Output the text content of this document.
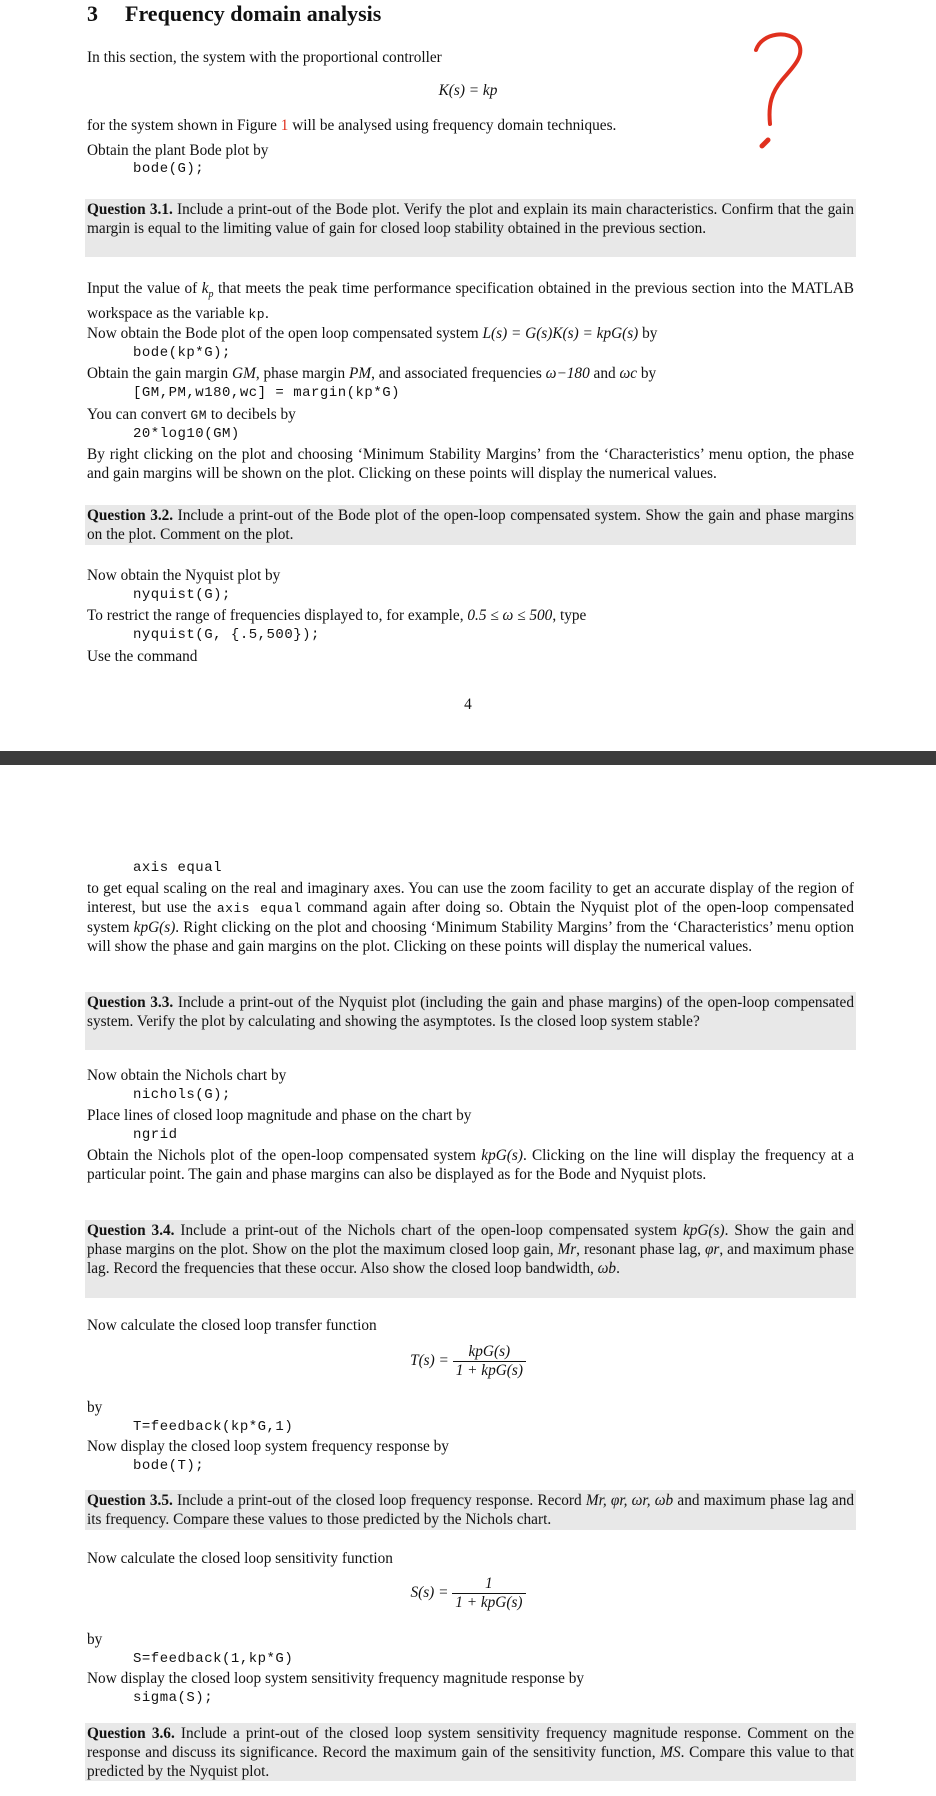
3 Frequency domain analysis
In this section, the system with the proportional controller
K(s) = kp
for the system shown in Figure 1 will be analysed using frequency domain techniques.
Obtain the plant Bode plot by
bode(G);
Question 3.1. Include a print-out of the Bode plot. Verify the plot and explain its main characteristics. Confirm that the gain margin is equal to the limiting value of gain for closed loop stability obtained in the previous section.
Input the value of $k_p$ that meets the peak time performance specification obtained in the previous section into the MATLAB workspace as the variable kp.
Now obtain the Bode plot of the open loop compensated system L(s) = G(s)K(s) = kpG(s) by
bode(kp*G);
Obtain the gain margin GM, phase margin PM, and associated frequencies ω−180 and ωc by
[GM,PM,w180,wc] = margin(kp*G)
You can convert GM to decibels by
20*log10(GM)
By right clicking on the plot and choosing ‘Minimum Stability Margins’ from the ‘Characteristics’ menu option, the phase and gain margins will be shown on the plot. Clicking on these points will display the numerical values.
Question 3.2. Include a print-out of the Bode plot of the open-loop compensated system. Show the gain and phase margins on the plot. Comment on the plot.
Now obtain the Nyquist plot by
nyquist(G);
To restrict the range of frequencies displayed to, for example, 0.5 ≤ ω ≤ 500, type
nyquist(G, {.5,500});
Use the command
4
axis equal
to get equal scaling on the real and imaginary axes. You can use the zoom facility to get an accurate display of the region of interest, but use the axis equal command again after doing so. Obtain the Nyquist plot of the open-loop compensated system kpG(s). Right clicking on the plot and choosing ‘Minimum Stability Margins’ from the ‘Characteristics’ menu option will show the phase and gain margins on the plot. Clicking on these points will display the numerical values.
Question 3.3. Include a print-out of the Nyquist plot (including the gain and phase margins) of the open-loop compensated system. Verify the plot by calculating and showing the asymptotes. Is the closed loop system stable?
Now obtain the Nichols chart by
nichols(G);
Place lines of closed loop magnitude and phase on the chart by
ngrid
Obtain the Nichols plot of the open-loop compensated system kpG(s). Clicking on the line will display the frequency at a particular point. The gain and phase margins can also be displayed as for the Bode and Nyquist plots.
Question 3.4. Include a print-out of the Nichols chart of the open-loop compensated system kpG(s). Show the gain and phase margins on the plot. Show on the plot the maximum closed loop gain, Mr, resonant phase lag, φr, and maximum phase lag. Record the frequencies that these occur. Also show the closed loop bandwidth, ωb.
Now calculate the closed loop transfer function
$T(s) = \frac{\text{kpG(s)}}{\text{1 + kpG(s)}}$
by
T=feedback(kp*G,1)
Now display the closed loop system frequency response by
bode(T);
Question 3.5. Include a print-out of the closed loop frequency response. Record Mr, φr, ωr, ωb and maximum phase lag and its frequency. Compare these values to those predicted by the Nichols chart.
Now calculate the closed loop sensitivity function
$S(s) = \frac{1}{\text{1 + kpG(s)}}$
by
S=feedback(1,kp*G)
Now display the closed loop system sensitivity frequency magnitude response by
sigma(S);
Question 3.6. Include a print-out of the closed loop system sensitivity frequency magnitude response. Comment on the response and discuss its significance. Record the maximum gain of the sensitivity function, MS. Compare this value to that predicted by the Nyquist plot.
